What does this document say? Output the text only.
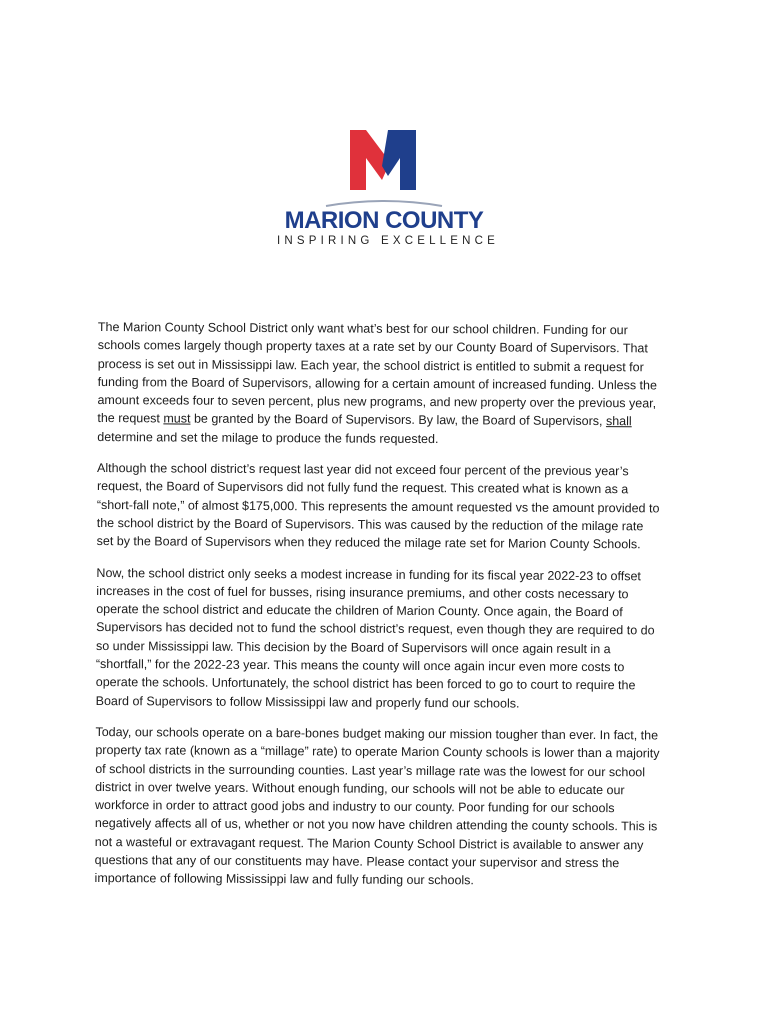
MARION COUNTY
INSPIRING EXCELLENCE

The Marion County School District only want what’s best for our school children. Funding for our schools comes largely though property taxes at a rate set by our County Board of Supervisors. That process is set out in Mississippi law. Each year, the school district is entitled to submit a request for funding from the Board of Supervisors, allowing for a certain amount of increased funding. Unless the amount exceeds four to seven percent, plus new programs, and new property over the previous year, the request must be granted by the Board of Supervisors. By law, the Board of Supervisors, shall determine and set the milage to produce the funds requested.

Although the school district’s request last year did not exceed four percent of the previous year’s request, the Board of Supervisors did not fully fund the request. This created what is known as a “short-fall note,” of almost $175,000. This represents the amount requested vs the amount provided to the school district by the Board of Supervisors. This was caused by the reduction of the milage rate set by the Board of Supervisors when they reduced the milage rate set for Marion County Schools.

Now, the school district only seeks a modest increase in funding for its fiscal year 2022-23 to offset increases in the cost of fuel for busses, rising insurance premiums, and other costs necessary to operate the school district and educate the children of Marion County. Once again, the Board of Supervisors has decided not to fund the school district’s request, even though they are required to do so under Mississippi law. This decision by the Board of Supervisors will once again result in a “shortfall,” for the 2022-23 year. This means the county will once again incur even more costs to operate the schools. Unfortunately, the school district has been forced to go to court to require the Board of Supervisors to follow Mississippi law and properly fund our schools.

Today, our schools operate on a bare-bones budget making our mission tougher than ever. In fact, the property tax rate (known as a “millage” rate) to operate Marion County schools is lower than a majority of school districts in the surrounding counties. Last year’s millage rate was the lowest for our school district in over twelve years. Without enough funding, our schools will not be able to educate our workforce in order to attract good jobs and industry to our county. Poor funding for our schools negatively affects all of us, whether or not you now have children attending the county schools. This is not a wasteful or extravagant request. The Marion County School District is available to answer any questions that any of our constituents may have. Please contact your supervisor and stress the importance of following Mississippi law and fully funding our schools.
